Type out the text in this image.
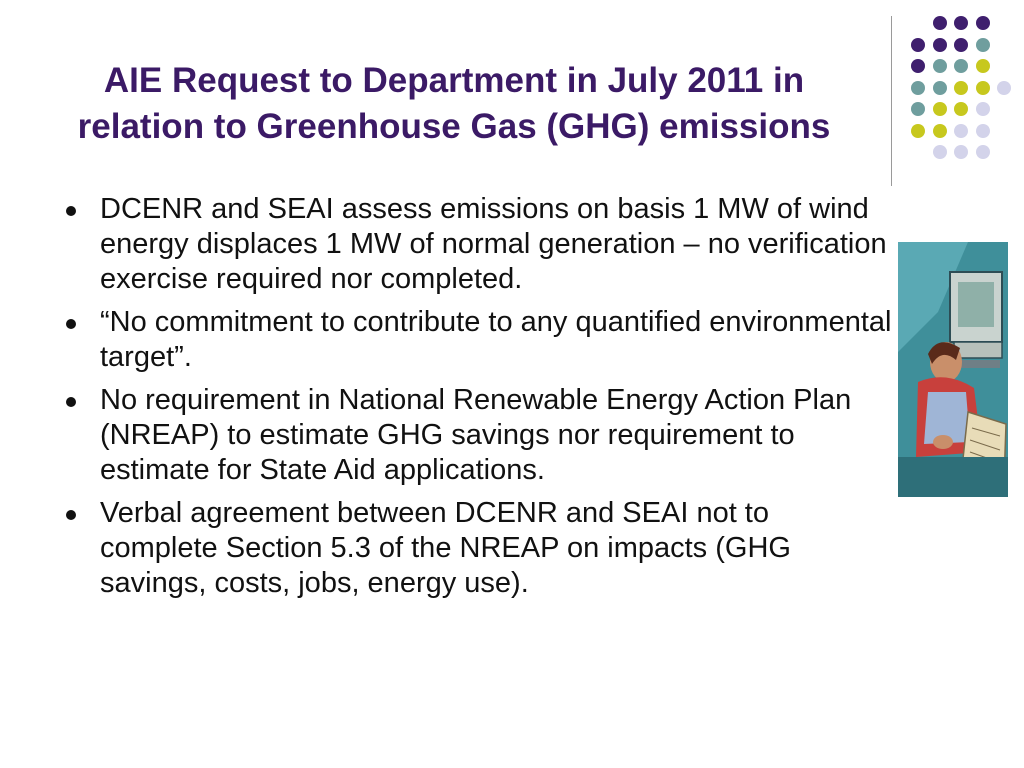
AIE Request to Department in July 2011 in
relation to Greenhouse Gas (GHG) emissions
DCENR and SEAI assess emissions on basis 1 MW of wind energy displaces 1 MW of normal generation – no verification exercise required nor completed.
“No commitment to contribute to any quantified environmental target”.
No requirement in National Renewable Energy Action Plan (NREAP) to estimate GHG savings nor requirement to estimate for State Aid applications.
Verbal agreement between DCENR and SEAI not to complete Section 5.3 of the NREAP on impacts (GHG savings, costs, jobs, energy use).
